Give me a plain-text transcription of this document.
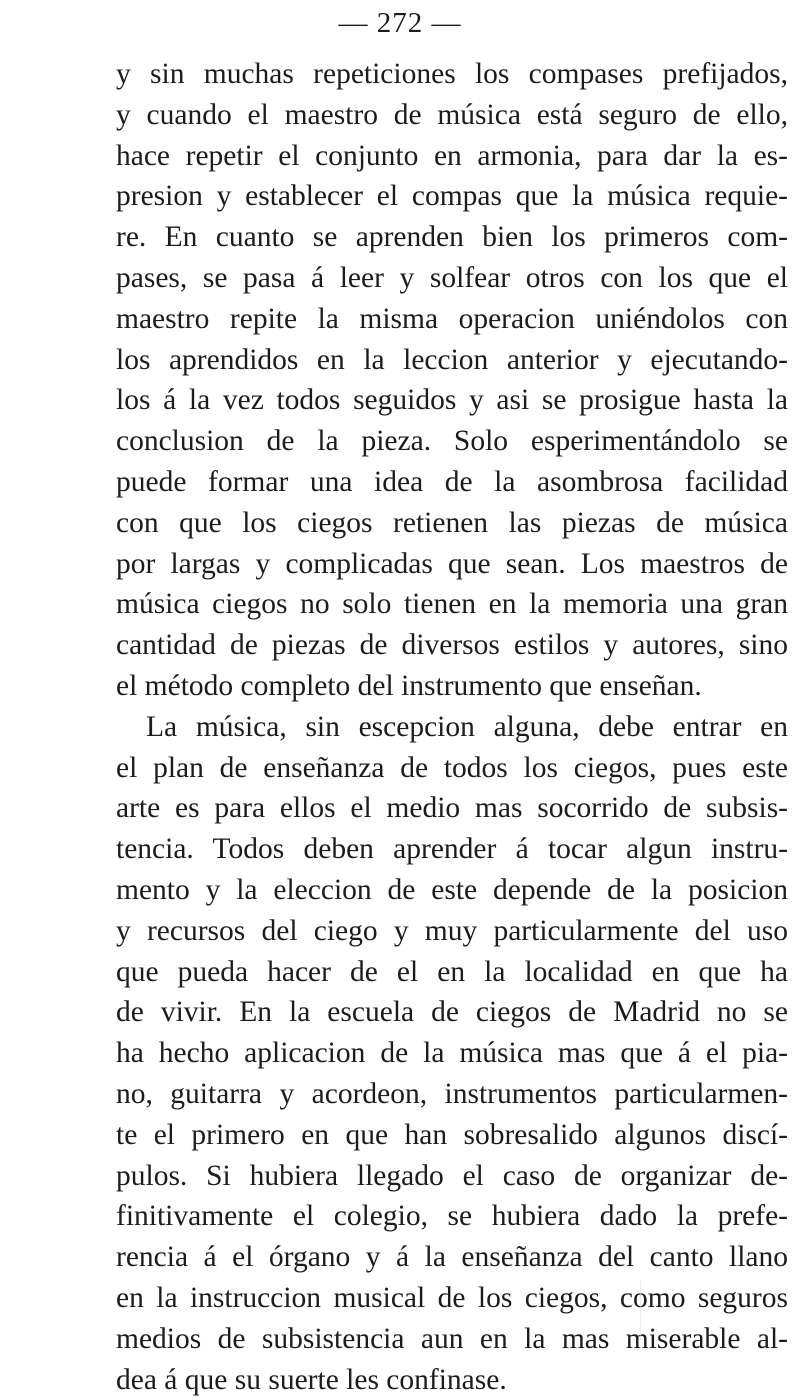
— 272 —
y sin muchas repeticiones los compases prefijados,
y cuando el maestro de música está seguro de ello,
hace repetir el conjunto en armonia, para dar la es-
presion y establecer el compas que la música requie-
re. En cuanto se aprenden bien los primeros com-
pases, se pasa á leer y solfear otros con los que el
maestro repite la misma operacion uniéndolos con
los aprendidos en la leccion anterior y ejecutando-
los á la vez todos seguidos y asi se prosigue hasta la
conclusion de la pieza. Solo esperimentándolo se
puede formar una idea de la asombrosa facilidad
con que los ciegos retienen las piezas de música
por largas y complicadas que sean. Los maestros de
música ciegos no solo tienen en la memoria una gran
cantidad de piezas de diversos estilos y autores, sino
el método completo del instrumento que enseñan.
La música, sin escepcion alguna, debe entrar en
el plan de enseñanza de todos los ciegos, pues este
arte es para ellos el medio mas socorrido de subsis-
tencia. Todos deben aprender á tocar algun instru-
mento y la eleccion de este depende de la posicion
y recursos del ciego y muy particularmente del uso
que pueda hacer de el en la localidad en que ha
de vivir. En la escuela de ciegos de Madrid no se
ha hecho aplicacion de la música mas que á el pia-
no, guitarra y acordeon, instrumentos particularmen-
te el primero en que han sobresalido algunos discí-
pulos. Si hubiera llegado el caso de organizar de-
finitivamente el colegio, se hubiera dado la prefe-
rencia á el órgano y á la enseñanza del canto llano
en la instruccion musical de los ciegos, como seguros
medios de subsistencia aun en la mas miserable al-
dea á que su suerte les confinase.
